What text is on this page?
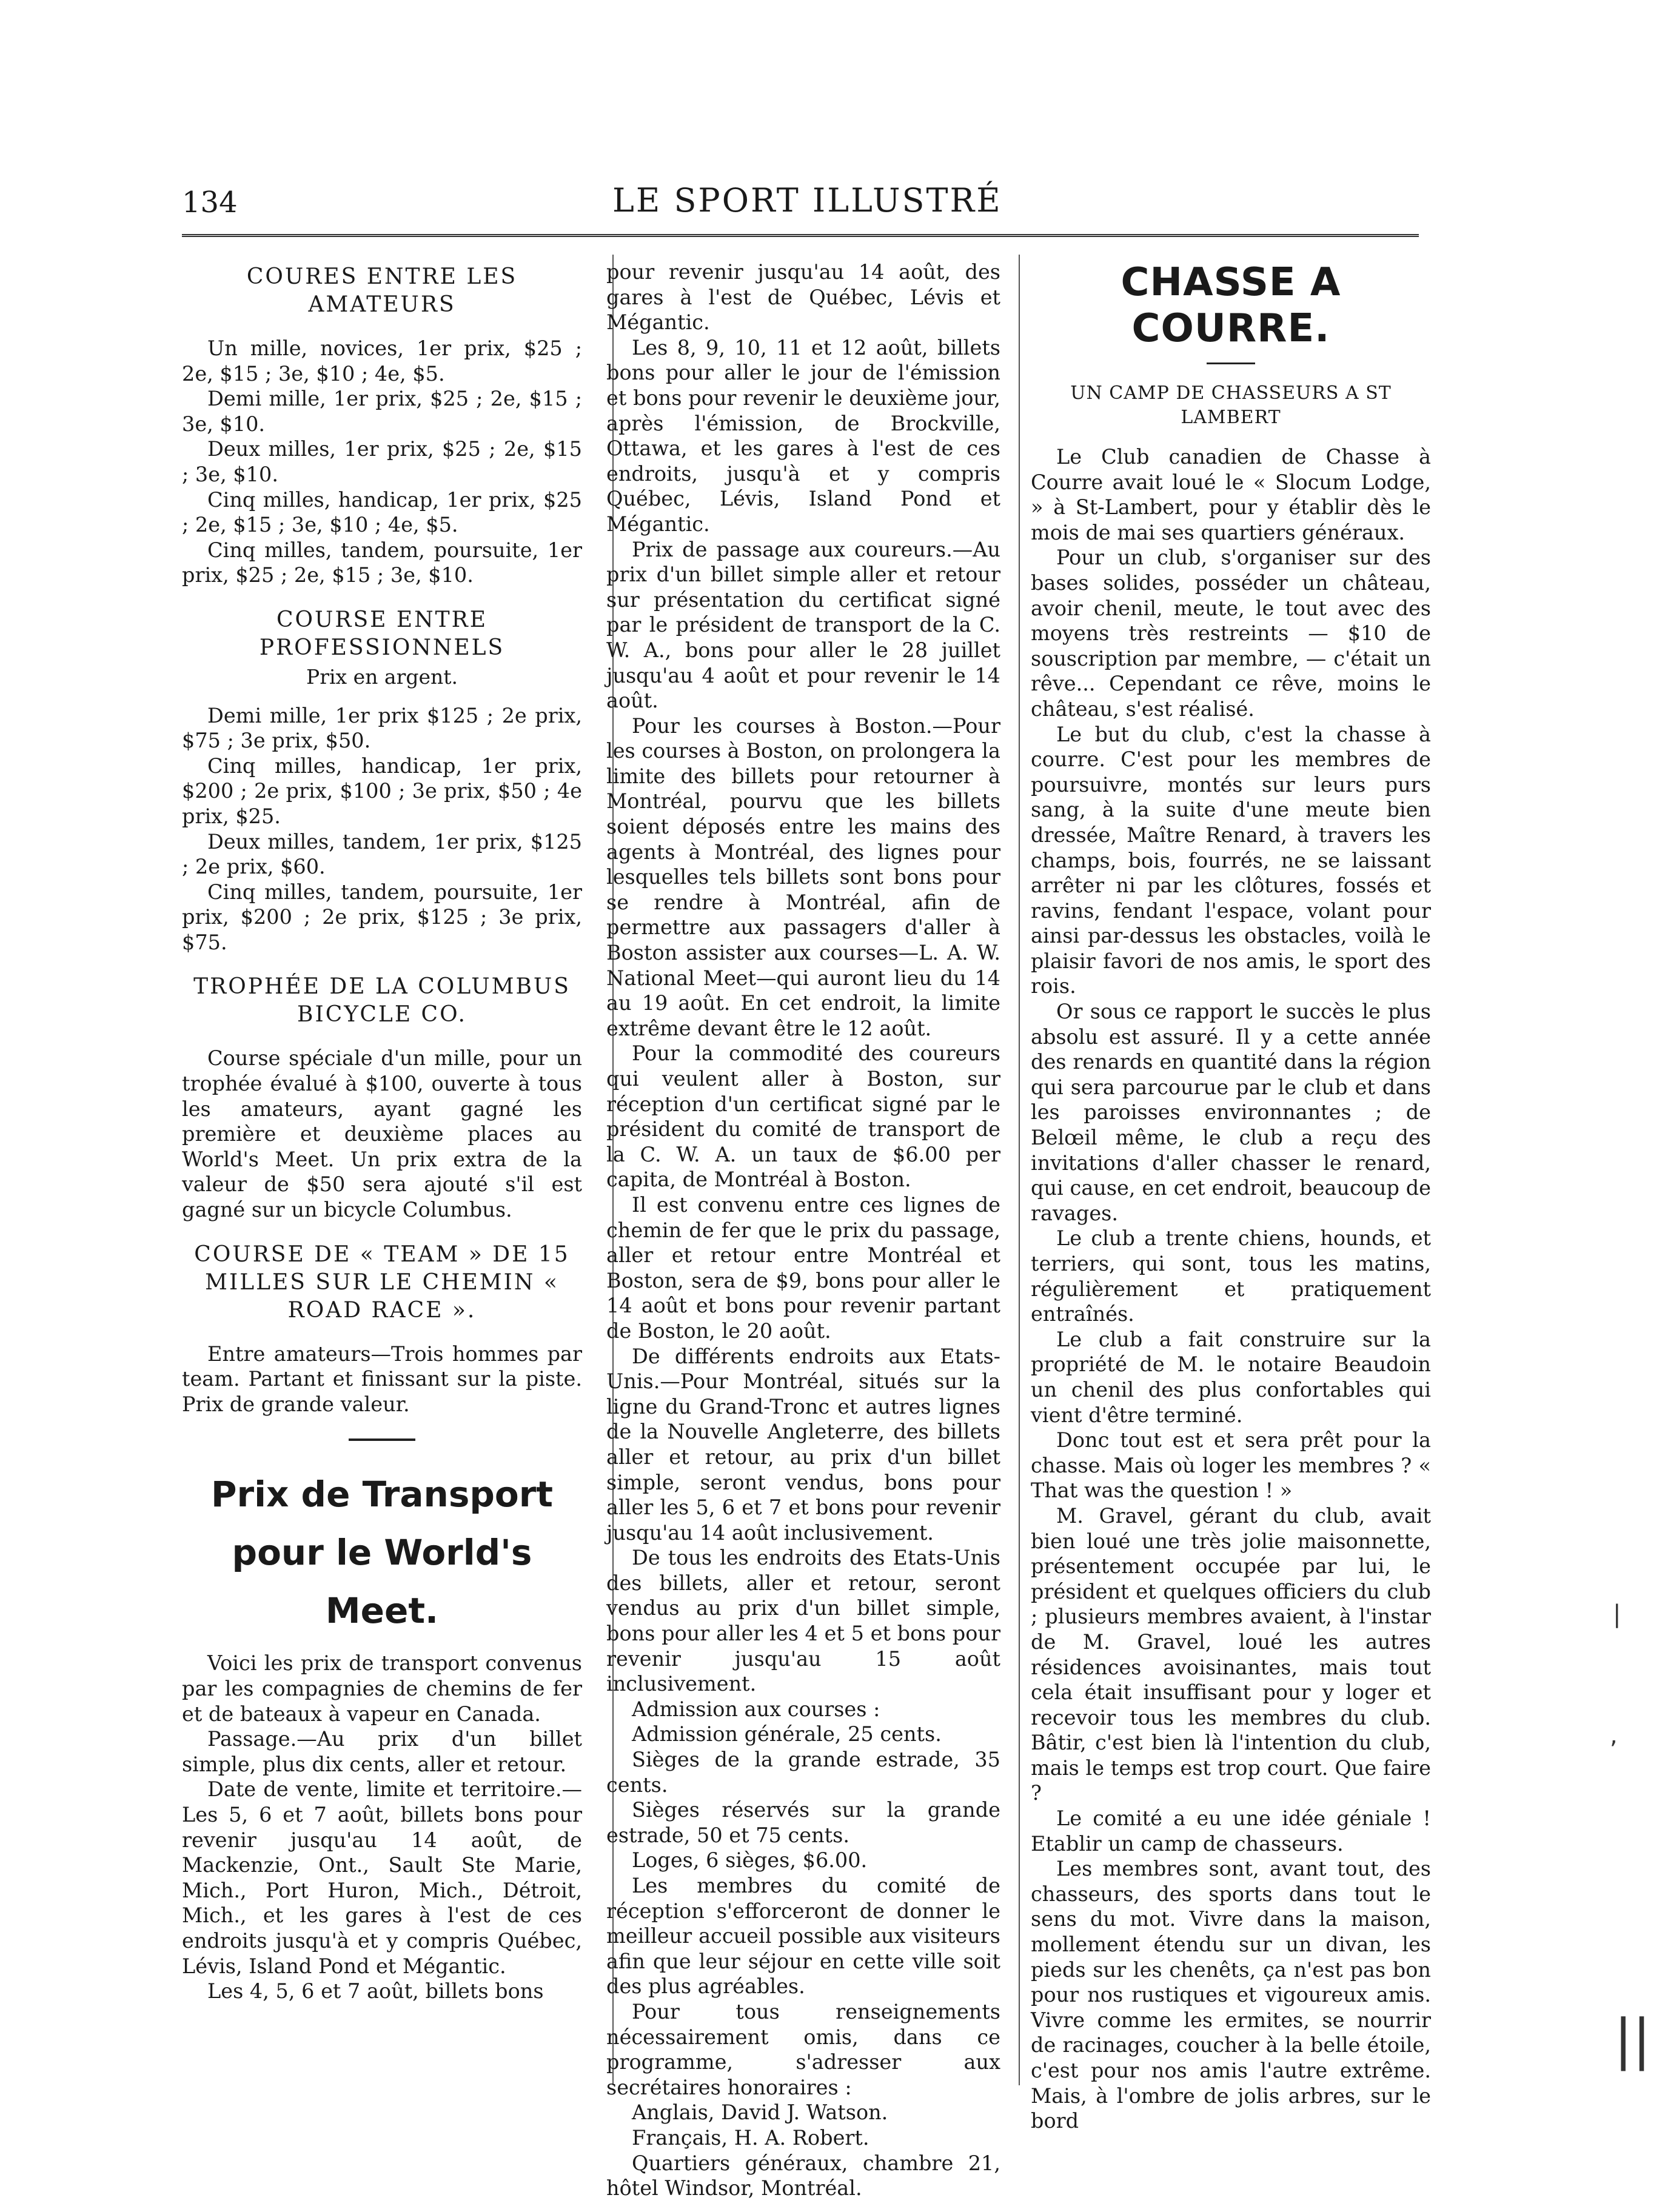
134	LE SPORT ILLUSTRÉ
COURES ENTRE LES AMATEURS

Un mille, novices, 1er prix, $25 ; 2e, $15 ; 3e, $10 ; 4e, $5.

Demi mille, 1er prix, $25 ; 2e, $15 ; 3e, $10.

Deux milles, 1er prix, $25 ; 2e, $15 ; 3e, $10.

Cinq milles, handicap, 1er prix, $25 ; 2e, $15 ; 3e, $10 ; 4e, $5.

Cinq milles, tandem, poursuite, 1er prix, $25 ; 2e, $15 ; 3e, $10.

COURSE ENTRE PROFESSIONNELS
Prix en argent.

Demi mille, 1er prix $125 ; 2e prix, $75 ; 3e prix, $50.

Cinq milles, handicap, 1er prix, $200 ; 2e prix, $100 ; 3e prix, $50 ; 4e prix, $25.

Deux milles, tandem, 1er prix, $125 ; 2e prix, $60.

Cinq milles, tandem, poursuite, 1er prix, $200 ; 2e prix, $125 ; 3e prix, $75.

TROPHÉE DE LA COLUMBUS BICYCLE CO.

Course spéciale d'un mille, pour un trophée évalué à $100, ouverte à tous les amateurs, ayant gagné les première et deuxième places au World's Meet. Un prix extra de la valeur de $50 sera ajouté s'il est gagné sur un bicycle Columbus.

COURSE DE « TEAM » DE 15 MILLES SUR LE CHEMIN « ROAD RACE ».

Entre amateurs—Trois hommes par team. Partant et finissant sur la piste. Prix de grande valeur.

Prix de Transport pour le World's Meet.

Voici les prix de transport convenus par les compagnies de chemins de fer et de bateaux à vapeur en Canada.

Passage.—Au prix d'un billet simple, plus dix cents, aller et retour.

Date de vente, limite et territoire.—Les 5, 6 et 7 août, billets bons pour revenir jusqu'au 14 août, de Mackenzie, Ont., Sault Ste Marie, Mich., Port Huron, Mich., Détroit, Mich., et les gares à l'est de ces endroits jusqu'à et y compris Québec, Lévis, Island Pond et Mégantic.

Les 4, 5, 6 et 7 août, billets bons

pour revenir jusqu'au 14 août, des gares à l'est de Québec, Lévis et Mégantic.

Les 8, 9, 10, 11 et 12 août, billets bons pour aller le jour de l'émission et bons pour revenir le deuxième jour, après l'émission, de Brockville, Ottawa, et les gares à l'est de ces endroits, jusqu'à et y compris Québec, Lévis, Island Pond et Mégantic.

Prix de passage aux coureurs.—Au prix d'un billet simple aller et retour sur présentation du certificat signé par le président de transport de la C. W. A., bons pour aller le 28 juillet jusqu'au 4 août et pour revenir le 14 août.

Pour les courses à Boston.—Pour les courses à Boston, on prolongera la limite des billets pour retourner à Montréal, pourvu que les billets soient déposés entre les mains des agents à Montréal, des lignes pour lesquelles tels billets sont bons pour se rendre à Montréal, afin de permettre aux passagers d'aller à Boston assister aux courses—L. A. W. National Meet—qui auront lieu du 14 au 19 août. En cet endroit, la limite extrême devant être le 12 août.

Pour la commodité des coureurs qui veulent aller à Boston, sur réception d'un certificat signé par le président du comité de transport de la C. W. A. un taux de $6.00 per capita, de Montréal à Boston.

Il est convenu entre ces lignes de chemin de fer que le prix du passage, aller et retour entre Montréal et Boston, sera de $9, bons pour aller le 14 août et bons pour revenir partant de Boston, le 20 août.

De différents endroits aux Etats-Unis.—Pour Montréal, situés sur la ligne du Grand-Tronc et autres lignes de la Nouvelle Angleterre, des billets aller et retour, au prix d'un billet simple, seront vendus, bons pour aller les 5, 6 et 7 et bons pour revenir jusqu'au 14 août inclusivement.

De tous les endroits des Etats-Unis des billets, aller et retour, seront vendus au prix d'un billet simple, bons pour aller les 4 et 5 et bons pour revenir jusqu'au 15 août inclusivement.

Admission aux courses :

Admission générale, 25 cents.

Sièges de la grande estrade, 35 cents.

Sièges réservés sur la grande estrade, 50 et 75 cents.

Loges, 6 sièges, $6.00.

Les membres du comité de réception s'efforceront de donner le meilleur accueil possible aux visiteurs afin que leur séjour en cette ville soit des plus agréables.

Pour tous renseignements nécessairement omis, dans ce programme, s'adresser aux secrétaires honoraires :

Anglais, David J. Watson.

Français, H. A. Robert.

Quartiers généraux, chambre 21, hôtel Windsor, Montréal.

CHASSE A COURRE.
UN CAMP DE CHASSEURS A ST LAMBERT

Le Club canadien de Chasse à Courre avait loué le « Slocum Lodge, » à St-Lambert, pour y établir dès le mois de mai ses quartiers généraux.

Pour un club, s'organiser sur des bases solides, posséder un château, avoir chenil, meute, le tout avec des moyens très restreints — $10 de souscription par membre, — c'était un rêve... Cependant ce rêve, moins le château, s'est réalisé.

Le but du club, c'est la chasse à courre. C'est pour les membres de poursuivre, montés sur leurs purs sang, à la suite d'une meute bien dressée, Maître Renard, à travers les champs, bois, fourrés, ne se laissant arrêter ni par les clôtures, fossés et ravins, fendant l'espace, volant pour ainsi par-dessus les obstacles, voilà le plaisir favori de nos amis, le sport des rois.

Or sous ce rapport le succès le plus absolu est assuré. Il y a cette année des renards en quantité dans la région qui sera parcourue par le club et dans les paroisses environnantes ; de Belœil même, le club a reçu des invitations d'aller chasser le renard, qui cause, en cet endroit, beaucoup de ravages.

Le club a trente chiens, hounds, et terriers, qui sont, tous les matins, régulièrement et pratiquement entraînés.

Le club a fait construire sur la propriété de M. le notaire Beaudoin un chenil des plus confortables qui vient d'être terminé.

Donc tout est et sera prêt pour la chasse. Mais où loger les membres ? « That was the question ! »

M. Gravel, gérant du club, avait bien loué une très jolie maisonnette, présentement occupée par lui, le président et quelques officiers du club ; plusieurs membres avaient, à l'instar de M. Gravel, loué les autres résidences avoisinantes, mais tout cela était insuffisant pour y loger et recevoir tous les membres du club. Bâtir, c'est bien là l'intention du club, mais le temps est trop court. Que faire ?

Le comité a eu une idée géniale ! Etablir un camp de chasseurs.

Les membres sont, avant tout, des chasseurs, des sports dans tout le sens du mot. Vivre dans la maison, mollement étendu sur un divan, les pieds sur les chenêts, ça n'est pas bon pour nos rustiques et vigoureux amis. Vivre comme les ermites, se nourrir de racinages, coucher à la belle étoile, c'est pour nos amis l'autre extrême. Mais, à l'ombre de jolis arbres, sur le bord

|
,
||
